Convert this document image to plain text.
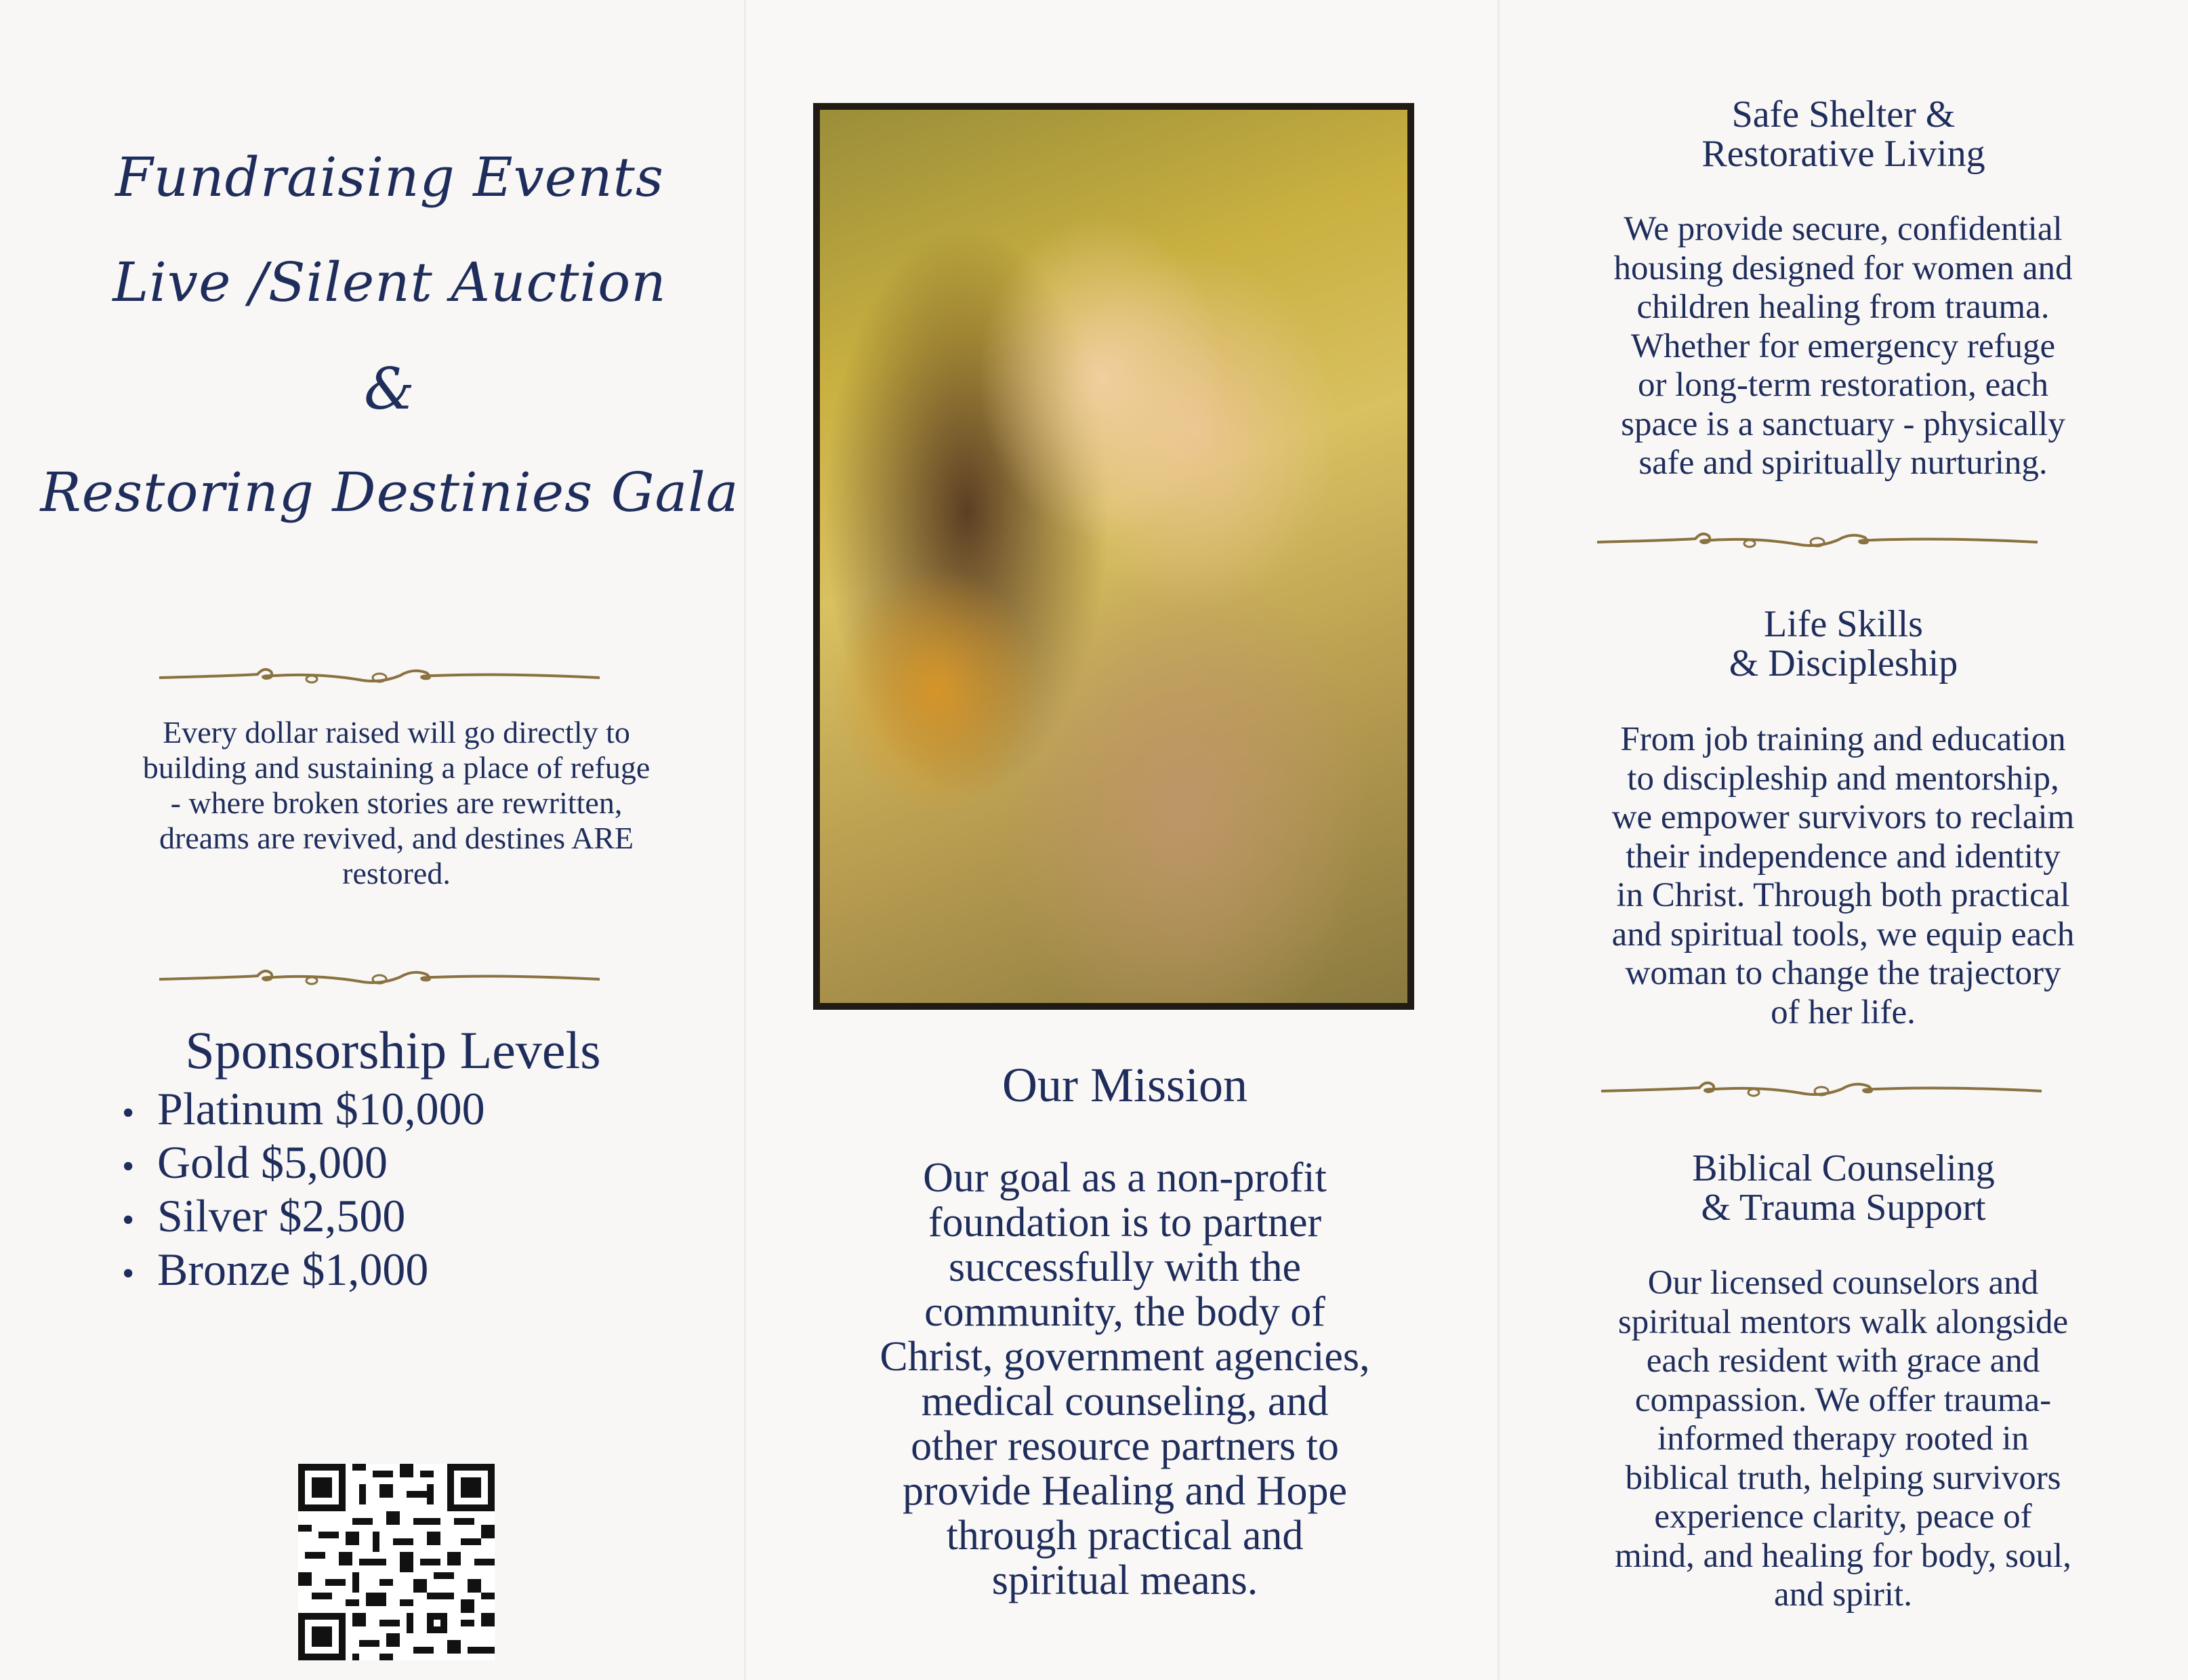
Fundraising Events
Live /Silent Auction
&
Restoring Destinies Gala
Every dollar raised will go directly to
building and sustaining a place of refuge
- where broken stories are rewritten,
dreams are revived, and destines ARE
restored.
Sponsorship Levels
• Platinum $10,000
• Gold $5,000
• Silver $2,500
• Bronze $1,000
Our Mission
Our goal as a non-profit
foundation is to partner
successfully with the
community, the body of
Christ, government agencies,
medical counseling, and
other resource partners to
provide Healing and Hope
through practical and
spiritual means.
Safe Shelter &
Restorative Living
We provide secure, confidential
housing designed for women and
children healing from trauma.
Whether for emergency refuge
or long-term restoration, each
space is a sanctuary - physically
safe and spiritually nurturing.
Life Skills
& Discipleship
From job training and education
to discipleship and mentorship,
we empower survivors to reclaim
their independence and identity
in Christ. Through both practical
and spiritual tools, we equip each
woman to change the trajectory
of her life.
Biblical Counseling
& Trauma Support
Our licensed counselors and
spiritual mentors walk alongside
each resident with grace and
compassion. We offer trauma-
informed therapy rooted in
biblical truth, helping survivors
experience clarity, peace of
mind, and healing for body, soul,
and spirit.
